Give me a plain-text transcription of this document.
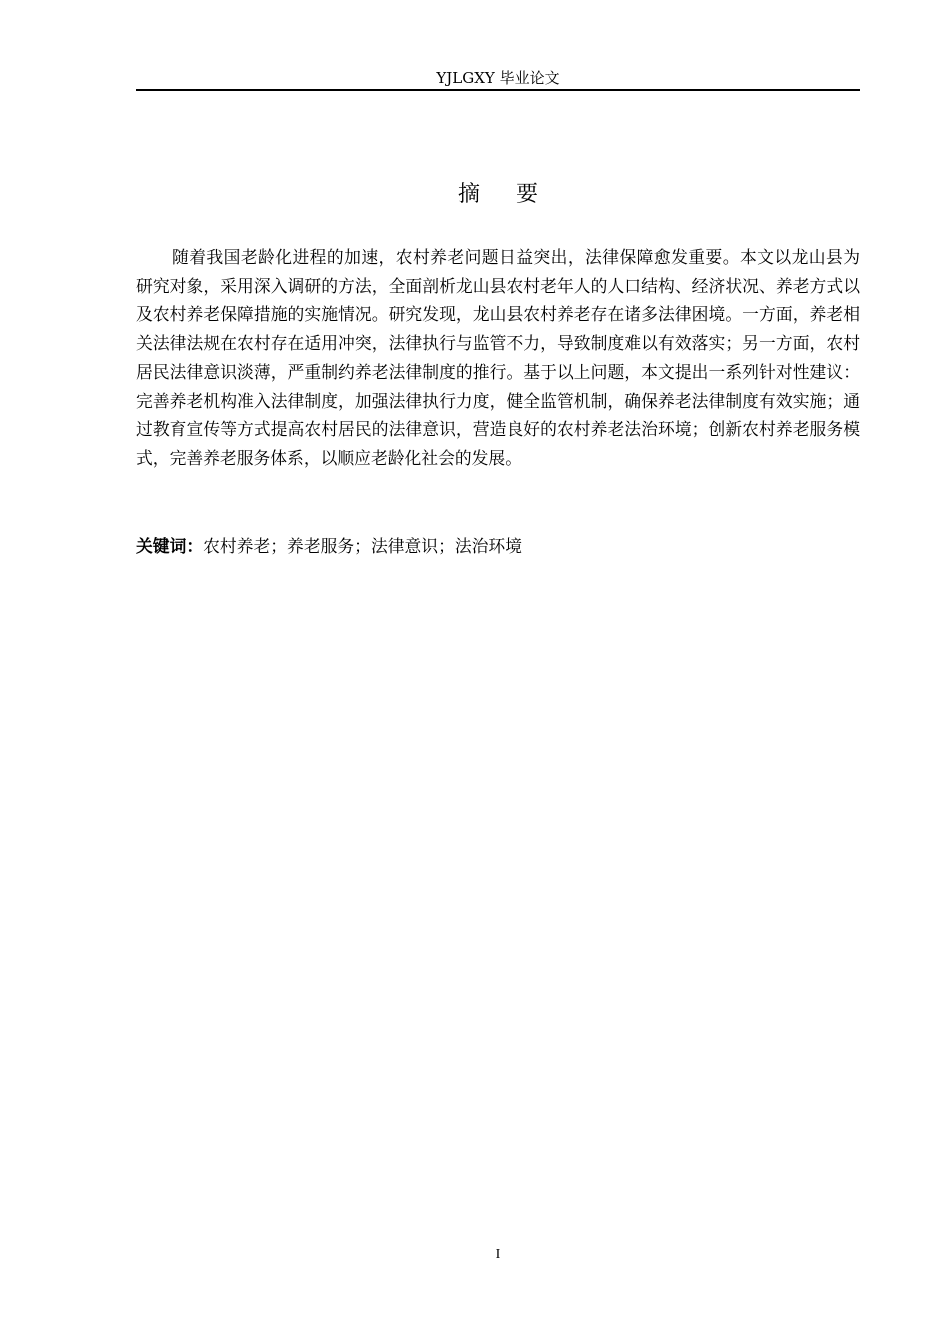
YJLGXY 毕业论文
摘要

随着我国老龄化进程的加速，农村养老问题日益突出，法律保障愈发重要。本文以龙山县为研究对象，采用深入调研的方法，全面剖析龙山县农村老年人的人口结构、经济状况、养老方式以及农村养老保障措施的实施情况。研究发现，龙山县农村养老存在诸多法律困境。一方面，养老相关法律法规在农村存在适用冲突，法律执行与监管不力，导致制度难以有效落实；另一方面，农村居民法律意识淡薄，严重制约养老法律制度的推行。基于以上问题，本文提出一系列针对性建议：完善养老机构准入法律制度，加强法律执行力度，健全监管机制，确保养老法律制度有效实施；通过教育宣传等方式提高农村居民的法律意识，营造良好的农村养老法治环境；创新农村养老服务模式，完善养老服务体系，以顺应老龄化社会的发展。

关键词：农村养老；养老服务；法律意识；法治环境

I
